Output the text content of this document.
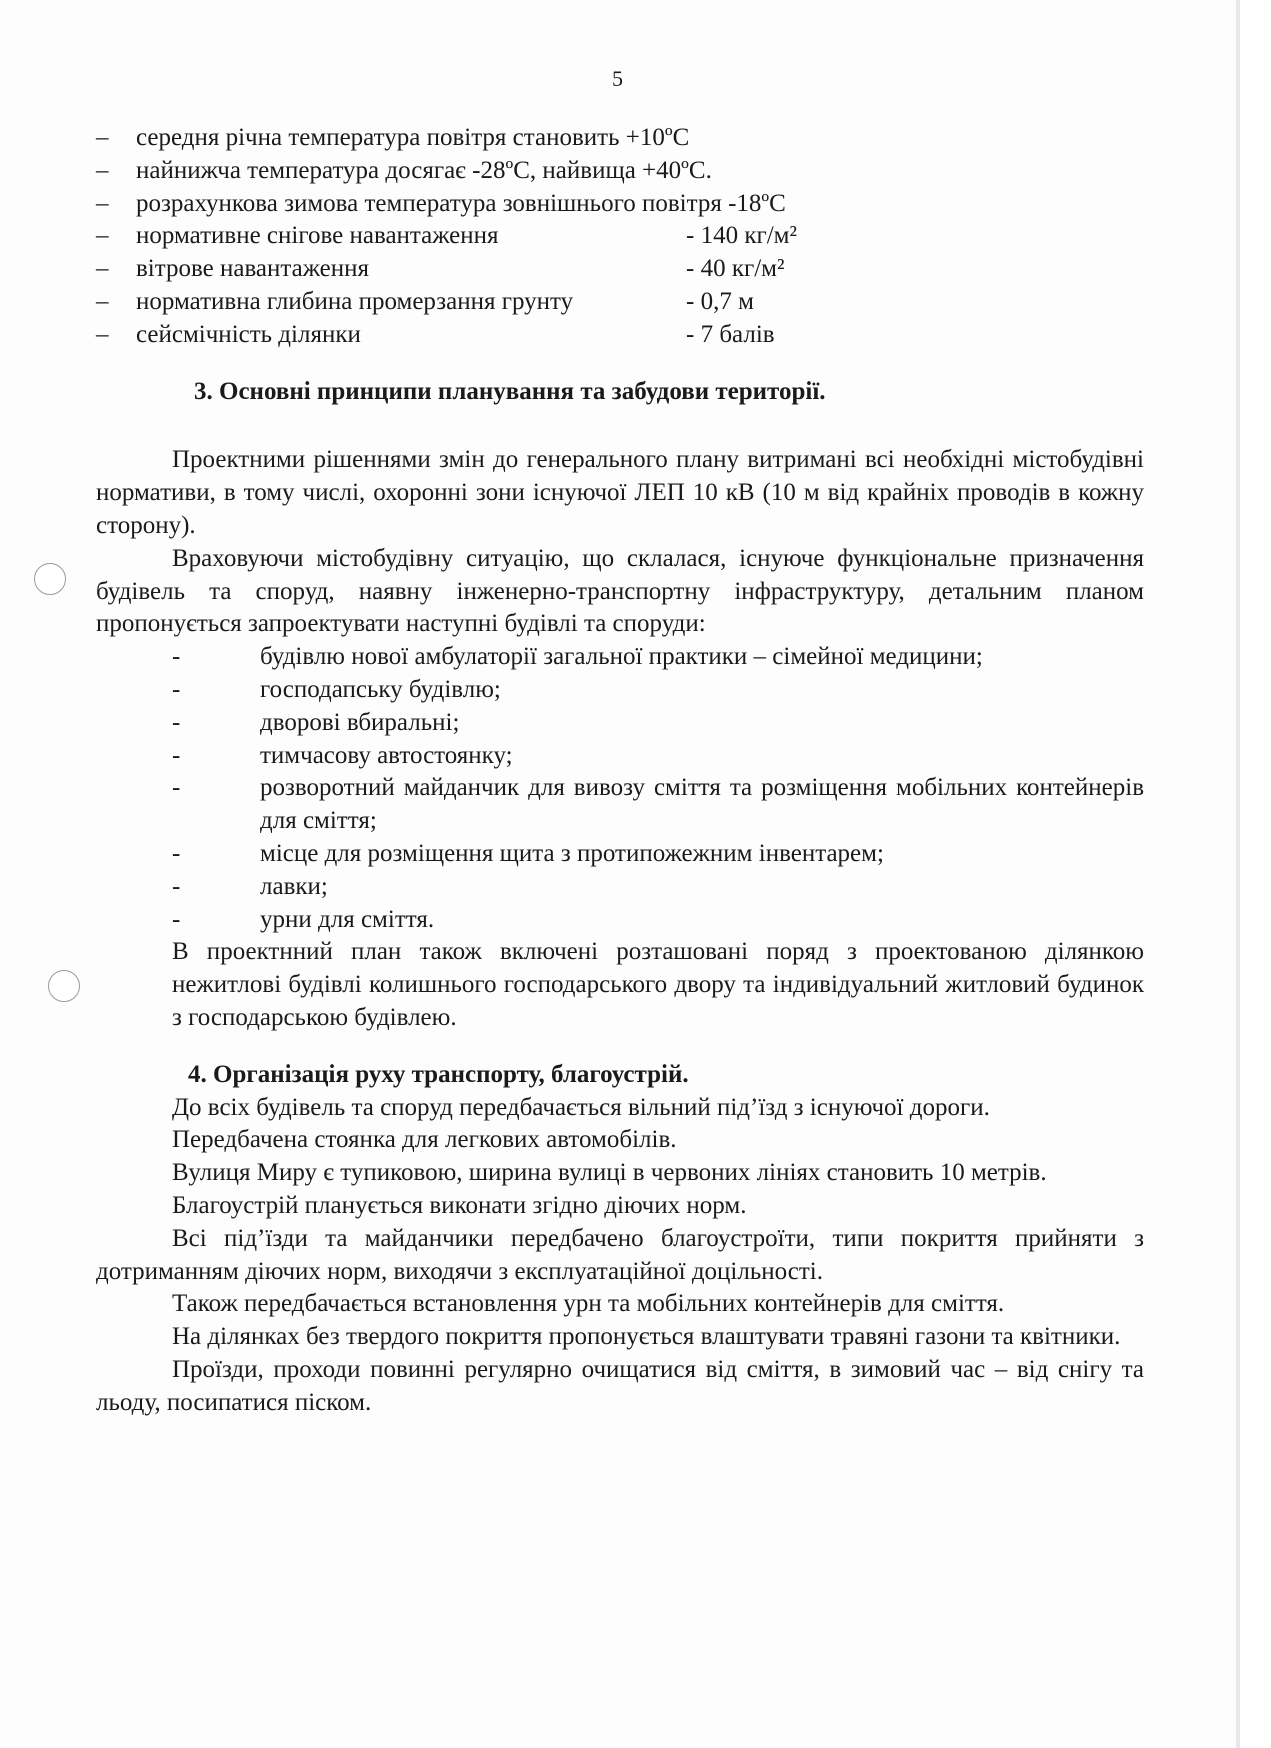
5
–	середня річна температура повітря становить +10ºС
–	найнижча температура досягає -28ºС, найвища +40ºС.
–	розрахункова зимова температура зовнішнього повітря -18ºС
–	нормативне снігове навантаження	- 140 кг/м²
–	вітрове навантаження	- 40 кг/м²
–	нормативна глибина промерзання грунту	- 0,7 м
–	сейсмічність ділянки	- 7 балів

3. Основні принципи планування та забудови території.

Проектними рішеннями змін до генерального плану витримані всі необхідні містобудівні нормативи, в тому числі, охоронні зони існуючої ЛЕП 10 кВ (10 м від крайніх проводів в кожну сторону).

Враховуючи містобудівну ситуацію, що склалася, існуюче функціональне призначення будівель та споруд, наявну інженерно-транспортну інфраструктуру, детальним планом пропонується запроектувати наступні будівлі та споруди:

-	будівлю нової амбулаторії загальної практики – сімейної медицини;
-	господапську будівлю;
-	дворові вбиральні;
-	тимчасову автостоянку;
-	розворотний майданчик для вивозу сміття та розміщення мобільних контейнерів для сміття;
-	місце для розміщення щита з протипожежним інвентарем;
-	лавки;
-	урни для сміття.

В проектнний план також включені розташовані поряд з проектованою ділянкою нежитлові будівлі колишнього господарського двору та індивідуальний житловий будинок з господарською будівлею.

4. Організація руху транспорту, благоустрій.

До всіх будівель та споруд передбачається вільний під’їзд з існуючої дороги.

Передбачена стоянка для легкових автомобілів.

Вулиця Миру є тупиковою, ширина вулиці в червоних лініях становить 10 метрів.

Благоустрій планується виконати згідно діючих норм.

Всі під’їзди та майданчики передбачено благоустроїти, типи покриття прийняти з дотриманням діючих норм, виходячи з експлуатаційної доцільності.

Також передбачається встановлення урн та мобільних контейнерів для сміття.

На ділянках без твердого покриття пропонується влаштувати травяні газони та квітники.

Проїзди, проходи повинні регулярно очищатися від сміття, в зимовий час – від снігу та льоду, посипатися піском.
